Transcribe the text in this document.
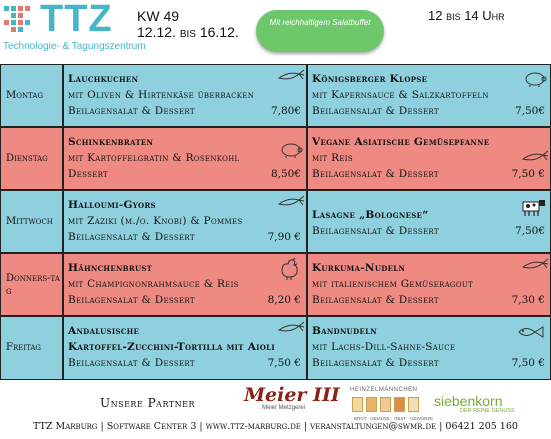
TTZ
Technologie- & Tagungszentrum
KW 49
12.12. bis 16.12.
Mit reichhaltigem Salatbuffet	12 bis 14 Uhr
Montag
Lauchkuchen
mit Oliven & Hirtenkäse überbacken
Beilagensalat & Dessert	7,80€
Königsberger Klopse
mit Kapernsauce & Salzkartoffeln
Beilagensalat & Dessert	7,50€
Dienstag
Schinkenbraten
mit Kartoffelgratin & Rosenkohl
Dessert	8,50€
Vegane Asiatische Gemüsepfanne
mit Reis
Beilagensalat & Dessert	7,50 €
Mittwoch
Halloumi-Gyors
mit Zaziki (m./o. Knobi) & Pommes
Beilagensalat & Dessert	7,90 €
Lasagne „Bolognese“
Beilagensalat & Dessert	7,50€
Donners-tag
Hähnchenbrust
mit Champignonrahmsauce & Reis
Beilagensalat & Dessert	8,20 €
Kurkuma-Nudeln
mit italienischem Gemüseragout
Beilagensalat & Dessert	7,30 €
Freitag
Andalusische
Kartoffel-Zucchini-Tortilla mit Aioli
Beilagensalat & Dessert	7,50 €
Bandnudeln
mit Lachs-Dill-Sahne-Sauce
Beilagensalat & Dessert	7,50 €
Unsere Partner	Meier III
Meier Metzgerei
HEINZELMÄNNCHEN
BROT · GEMÜSE · OBST · GEWÜRZE
siebenkorn
DER REINE GENUSS
TTZ Marburg | Software Center 3 | www.ttz-marburg.de | veranstaltungen@swmr.de | 06421 205 160
